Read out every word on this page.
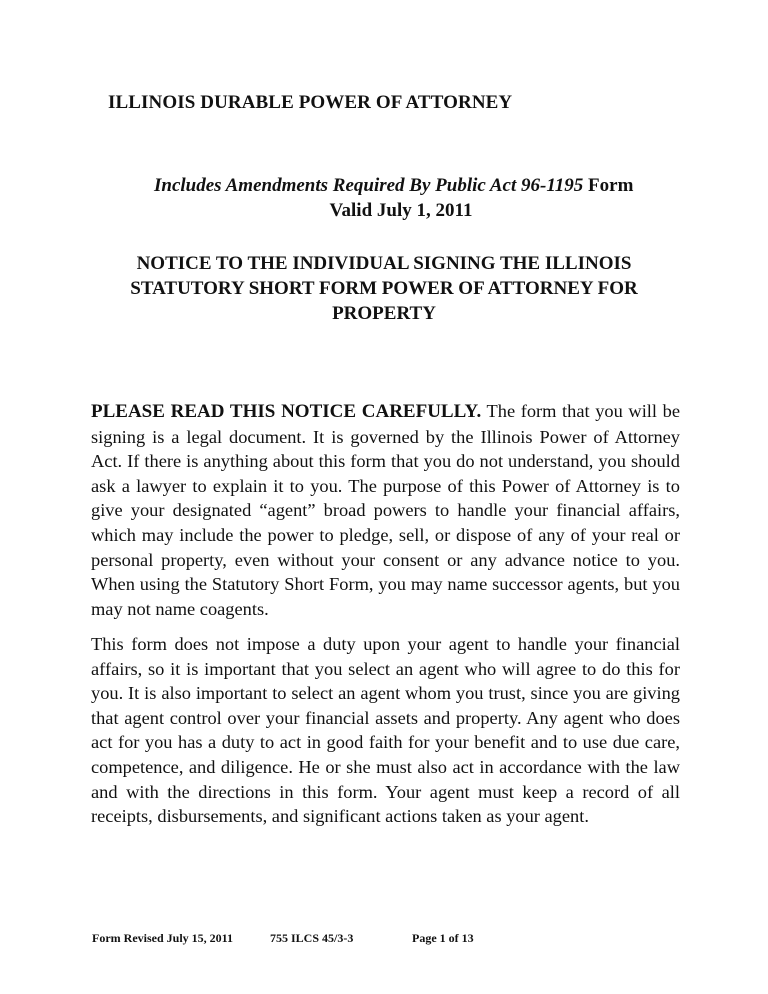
ILLINOIS DURABLE POWER OF ATTORNEY
Includes Amendments Required By Public Act 96-1195 Form
Valid July 1, 2011
NOTICE TO THE INDIVIDUAL SIGNING THE ILLINOIS
STATUTORY SHORT FORM POWER OF ATTORNEY FOR
PROPERTY

PLEASE READ THIS NOTICE CAREFULLY. The form that you will be signing is a legal document. It is governed by the Illinois Power of Attorney Act. If there is anything about this form that you do not understand, you should ask a lawyer to explain it to you. The purpose of this Power of Attorney is to give your designated “agent” broad powers to handle your financial affairs, which may include the power to pledge, sell, or dispose of any of your real or personal property, even without your consent or any advance notice to you. When using the Statutory Short Form, you may name successor agents, but you may not name coagents.

This form does not impose a duty upon your agent to handle your financial affairs, so it is important that you select an agent who will agree to do this for you. It is also important to select an agent whom you trust, since you are giving that agent control over your financial assets and property. Any agent who does act for you has a duty to act in good faith for your benefit and to use due care, competence, and diligence. He or she must also act in accordance with the law and with the directions in this form. Your agent must keep a record of all receipts, disbursements, and significant actions taken as your agent.

Form Revised July 15, 2011	755 ILCS 45/3-3	Page 1 of 13
